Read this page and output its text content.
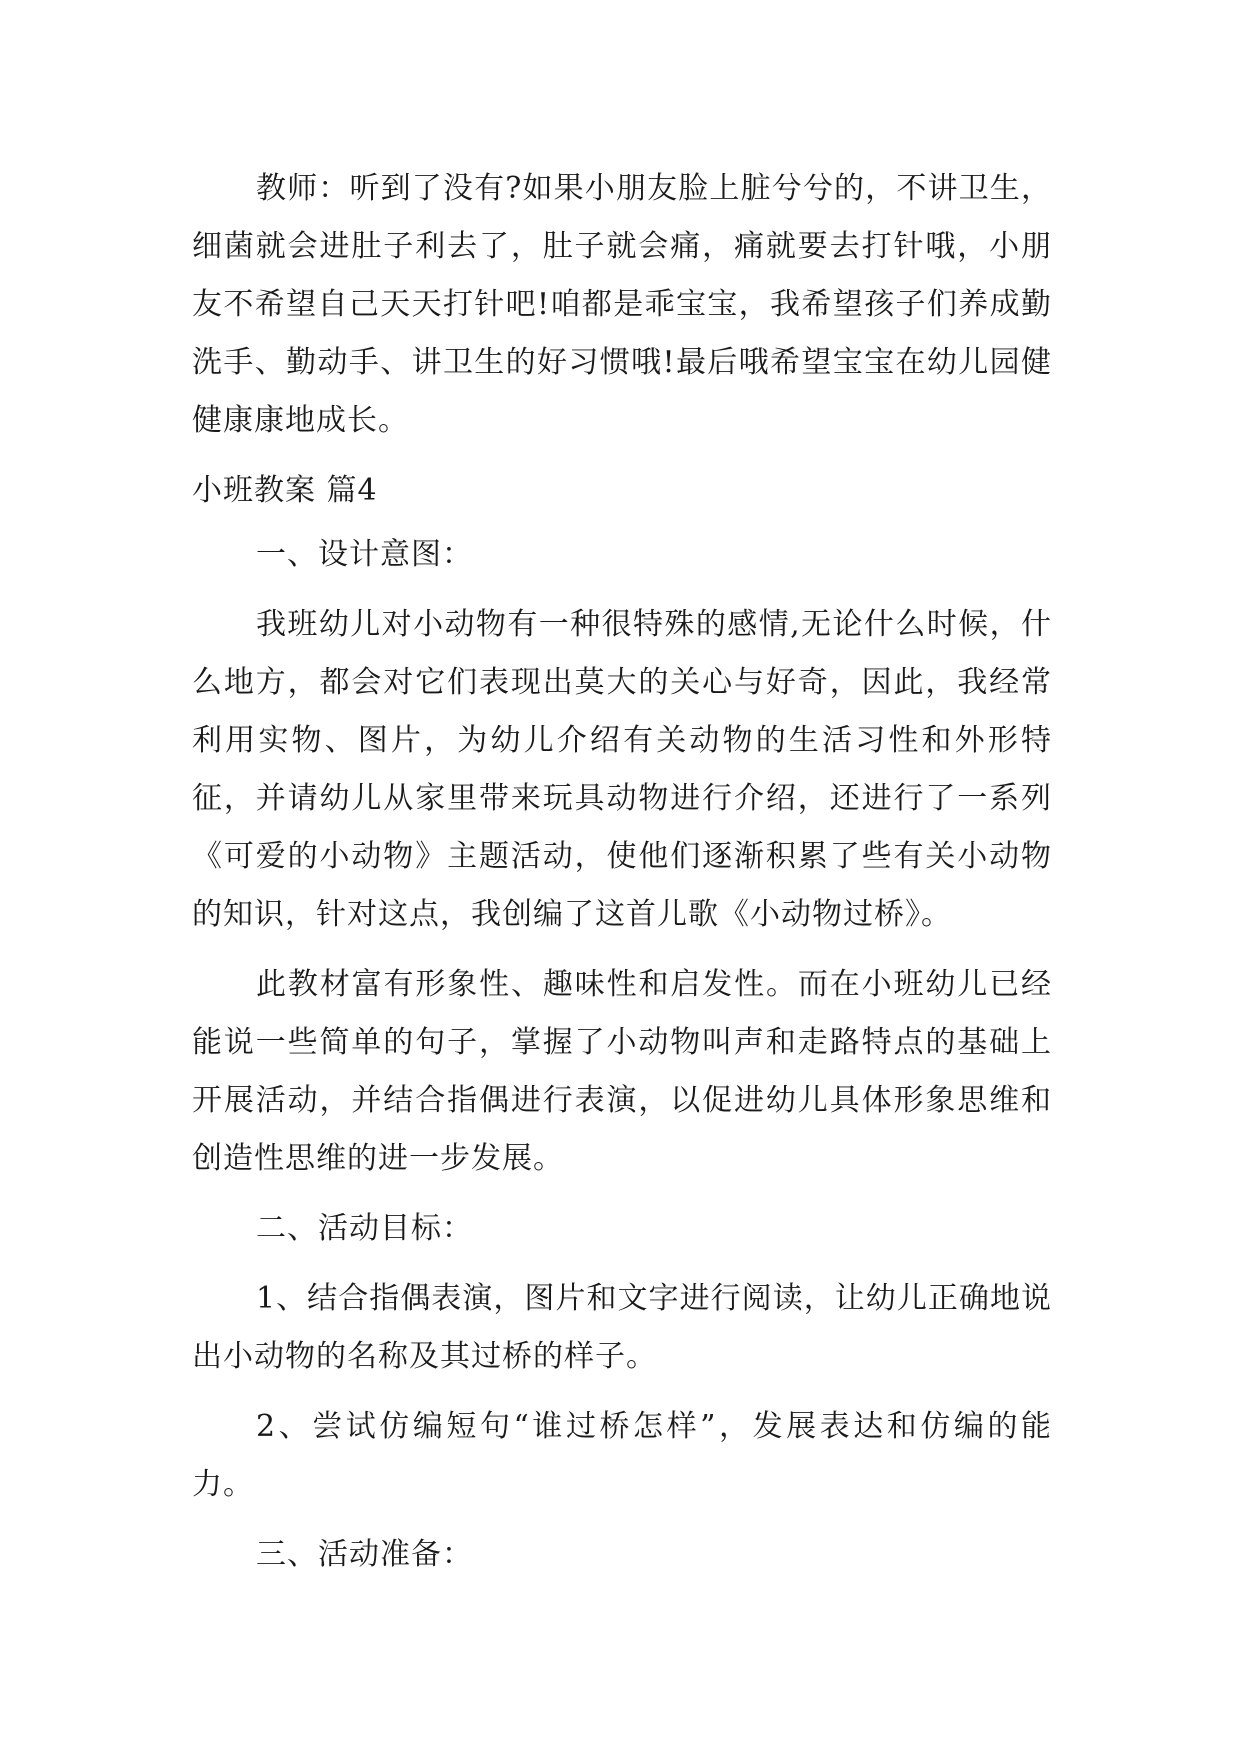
教师：听到了没有?如果小朋友脸上脏兮兮的，不讲卫生，细菌就会进肚子利去了，肚子就会痛，痛就要去打针哦，小朋友不希望自己天天打针吧!咱都是乖宝宝，我希望孩子们养成勤洗手、勤动手、讲卫生的好习惯哦!最后哦希望宝宝在幼儿园健健康康地成长。

小班教案 篇4

一、设计意图：

我班幼儿对小动物有一种很特殊的感情,无论什么时候，什么地方，都会对它们表现出莫大的关心与好奇，因此，我经常利用实物、图片，为幼儿介绍有关动物的生活习性和外形特征，并请幼儿从家里带来玩具动物进行介绍，还进行了一系列《可爱的小动物》主题活动，使他们逐渐积累了些有关小动物的知识，针对这点，我创编了这首儿歌《小动物过桥》。

此教材富有形象性、趣味性和启发性。而在小班幼儿已经能说一些简单的句子，掌握了小动物叫声和走路特点的基础上开展活动，并结合指偶进行表演，以促进幼儿具体形象思维和创造性思维的进一步发展。

二、活动目标：

1、结合指偶表演，图片和文字进行阅读，让幼儿正确地说出小动物的名称及其过桥的样子。

2、尝试仿编短句“谁过桥怎样”，发展表达和仿编的能力。

三、活动准备：
